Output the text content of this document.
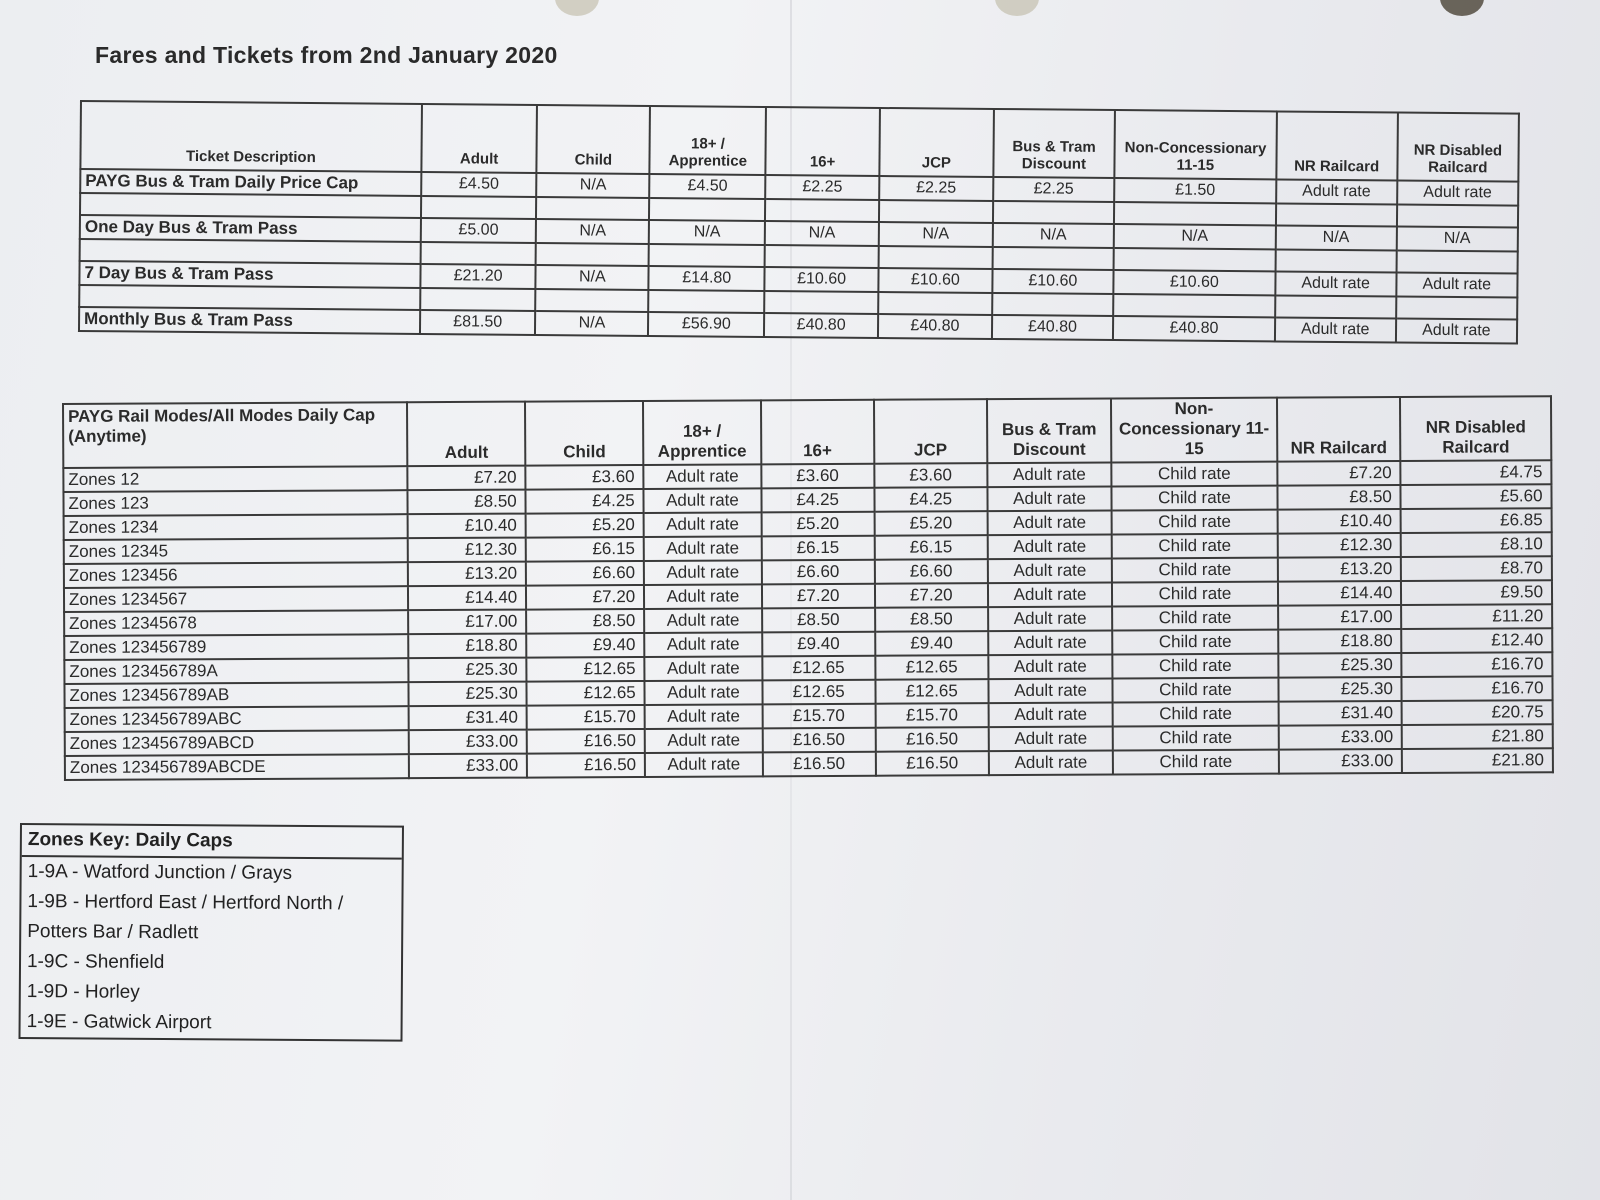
Fares and Tickets from 2nd January 2020
Ticket Description	Adult	Child	18+ / Apprentice	16+	JCP	Bus & Tram Discount	Non-Concessionary 11-15	NR Railcard	NR Disabled Railcard
PAYG Bus & Tram Daily Price Cap	£4.50	N/A	£4.50	£2.25	£2.25	£2.25	£1.50	Adult rate	Adult rate

One Day Bus & Tram Pass	£5.00	N/A	N/A	N/A	N/A	N/A	N/A	N/A	N/A

7 Day Bus & Tram Pass	£21.20	N/A	£14.80	£10.60	£10.60	£10.60	£10.60	Adult rate	Adult rate

Monthly Bus & Tram Pass	£81.50	N/A	£56.90	£40.80	£40.80	£40.80	£40.80	Adult rate	Adult rate
PAYG Rail Modes/All Modes Daily Cap (Anytime)	Adult	Child	18+ / Apprentice	16+	JCP	Bus & Tram Discount	Non-Concessionary 11-15	NR Railcard	NR Disabled Railcard
Zones 12	£7.20	£3.60	Adult rate	£3.60	£3.60	Adult rate	Child rate	£7.20	£4.75
Zones 123	£8.50	£4.25	Adult rate	£4.25	£4.25	Adult rate	Child rate	£8.50	£5.60
Zones 1234	£10.40	£5.20	Adult rate	£5.20	£5.20	Adult rate	Child rate	£10.40	£6.85
Zones 12345	£12.30	£6.15	Adult rate	£6.15	£6.15	Adult rate	Child rate	£12.30	£8.10
Zones 123456	£13.20	£6.60	Adult rate	£6.60	£6.60	Adult rate	Child rate	£13.20	£8.70
Zones 1234567	£14.40	£7.20	Adult rate	£7.20	£7.20	Adult rate	Child rate	£14.40	£9.50
Zones 12345678	£17.00	£8.50	Adult rate	£8.50	£8.50	Adult rate	Child rate	£17.00	£11.20
Zones 123456789	£18.80	£9.40	Adult rate	£9.40	£9.40	Adult rate	Child rate	£18.80	£12.40
Zones 123456789A	£25.30	£12.65	Adult rate	£12.65	£12.65	Adult rate	Child rate	£25.30	£16.70
Zones 123456789AB	£25.30	£12.65	Adult rate	£12.65	£12.65	Adult rate	Child rate	£25.30	£16.70
Zones 123456789ABC	£31.40	£15.70	Adult rate	£15.70	£15.70	Adult rate	Child rate	£31.40	£20.75
Zones 123456789ABCD	£33.00	£16.50	Adult rate	£16.50	£16.50	Adult rate	Child rate	£33.00	£21.80
Zones 123456789ABCDE	£33.00	£16.50	Adult rate	£16.50	£16.50	Adult rate	Child rate	£33.00	£21.80
Zones Key: Daily Caps
1-9A - Watford Junction / Grays
1-9B - Hertford East / Hertford North /
Potters Bar / Radlett
1-9C - Shenfield
1-9D - Horley
1-9E - Gatwick Airport
